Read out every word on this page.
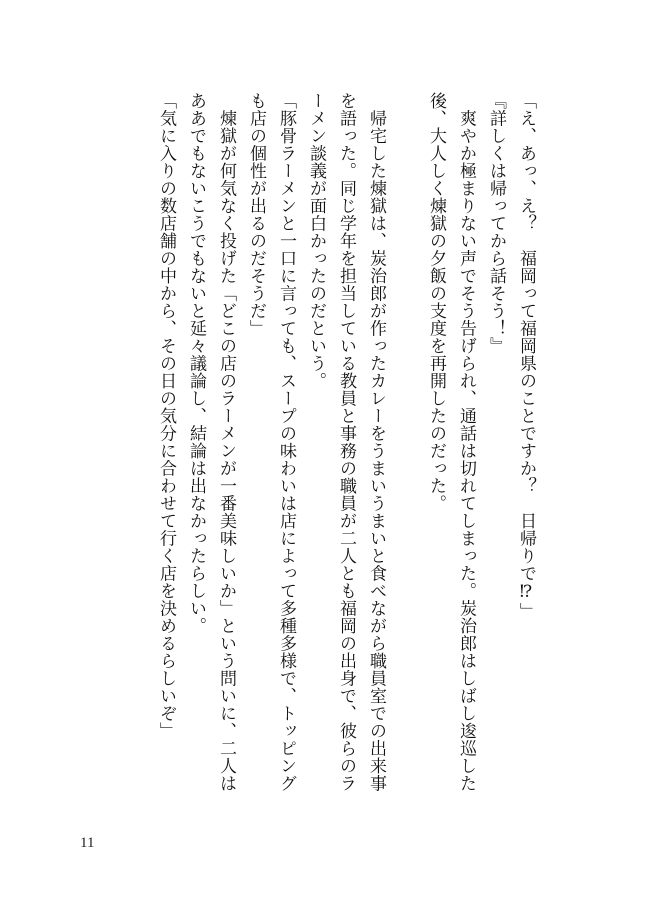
「え、あっ、え？　福岡って福岡県のことですか？　日帰りで⁉」

『詳しくは帰ってから話そう！』

　爽やか極まりない声でそう告げられ、通話は切れてしまった。炭治郎はしばし逡巡した後、大人しく煉獄の夕飯の支度を再開したのだった。

　帰宅した煉獄は、炭治郎が作ったカレーをうまいうまいと食べながら職員室での出来事を語った。同じ学年を担当している教員と事務の職員が二人とも福岡の出身で、彼らのラーメン談義が面白かったのだという。

「豚骨ラーメンと一口に言っても、スープの味わいは店によって多種多様で、トッピングも店の個性が出るのだそうだ」

　煉獄が何気なく投げた「どこの店のラーメンが一番美味しいか」という問いに、二人はああでもないこうでもないと延々議論し、結論は出なかったらしい。

「気に入りの数店舗の中から、その日の気分に合わせて行く店を決めるらしいぞ」

11
